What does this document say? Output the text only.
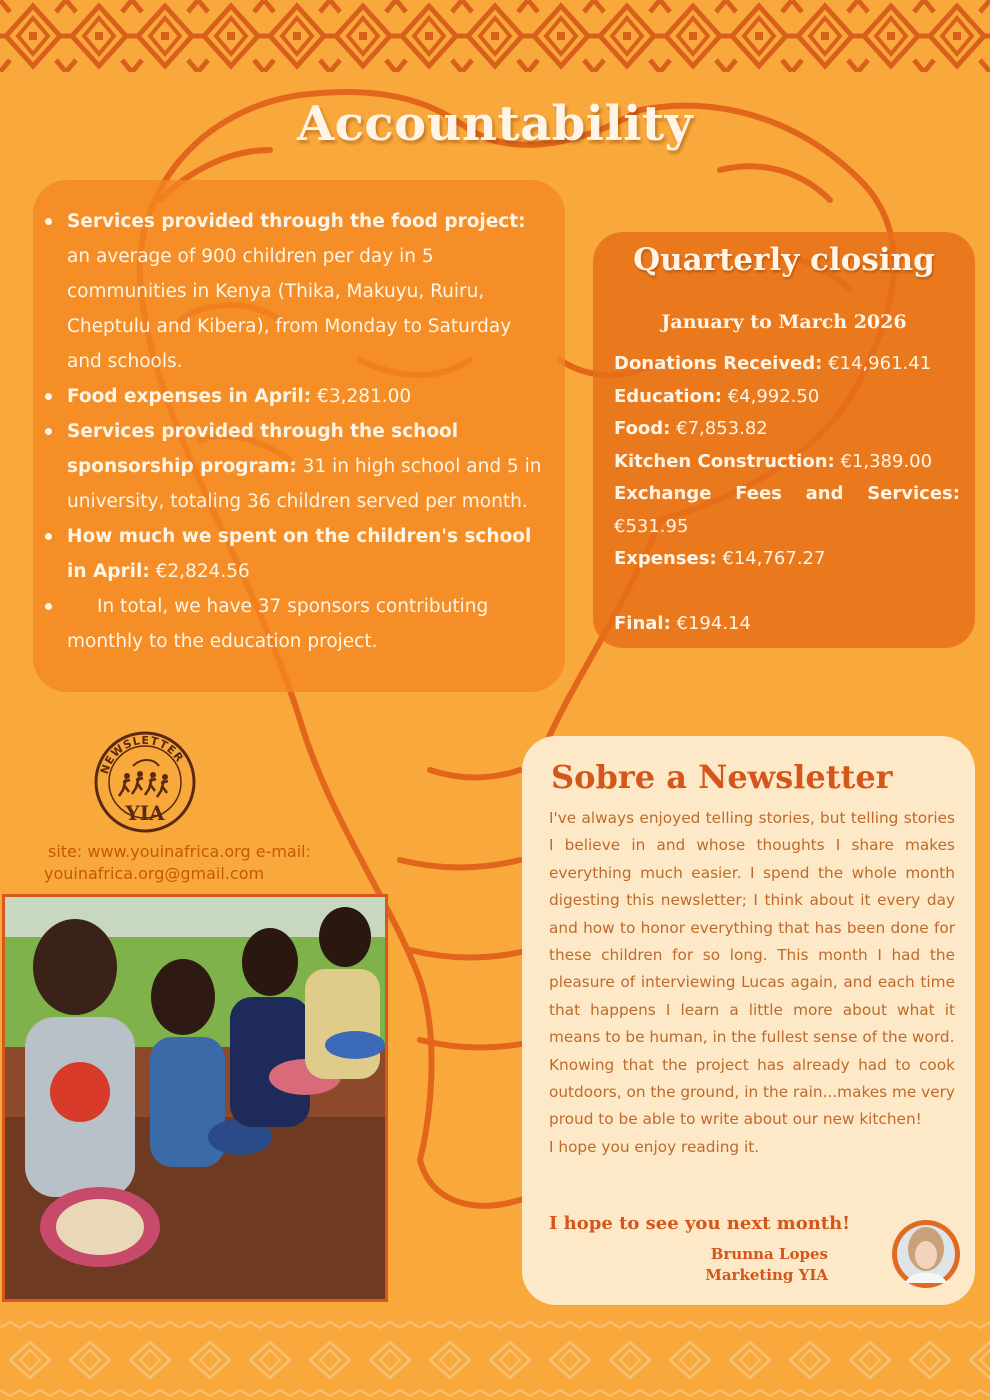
Accountability
Services provided through the food project: an average of 900 children per day in 5 communities in Kenya (Thika, Makuyu, Ruiru, Cheptulu and Kibera), from Monday to Saturday and schools.
Food expenses in April: €3,281.00
Services provided through the school sponsorship program: 31 in high school and 5 in university, totaling 36 children served per month.
How much we spent on the children's school in April: €2,824.56
In total, we have 37 sponsors contributing monthly to the education project.
Quarterly closing
January to March 2026
Donations Received: €14,961.41
Education: €4,992.50
Food: €7,853.82
Kitchen Construction: €1,389.00
Exchange Fees and Services:
€531.95
Expenses: €14,767.27
Final: €194.14
NEWSLETTER
YIA
site: www.youinafrica.org e-mail:
youinafrica.org@gmail.com
Sobre a Newsletter

I've always enjoyed telling stories, but telling stories I believe in and whose thoughts I share makes everything much easier. I spend the whole month digesting this newsletter; I think about it every day and how to honor everything that has been done for these children for so long. This month I had the pleasure of interviewing Lucas again, and each time that happens I learn a little more about what it means to be human, in the fullest sense of the word.

Knowing that the project has already had to cook outdoors, on the ground, in the rain...makes me very proud to be able to write about our new kitchen!

I hope you enjoy reading it.

I hope to see you next month!
Brunna Lopes
Marketing YIA
